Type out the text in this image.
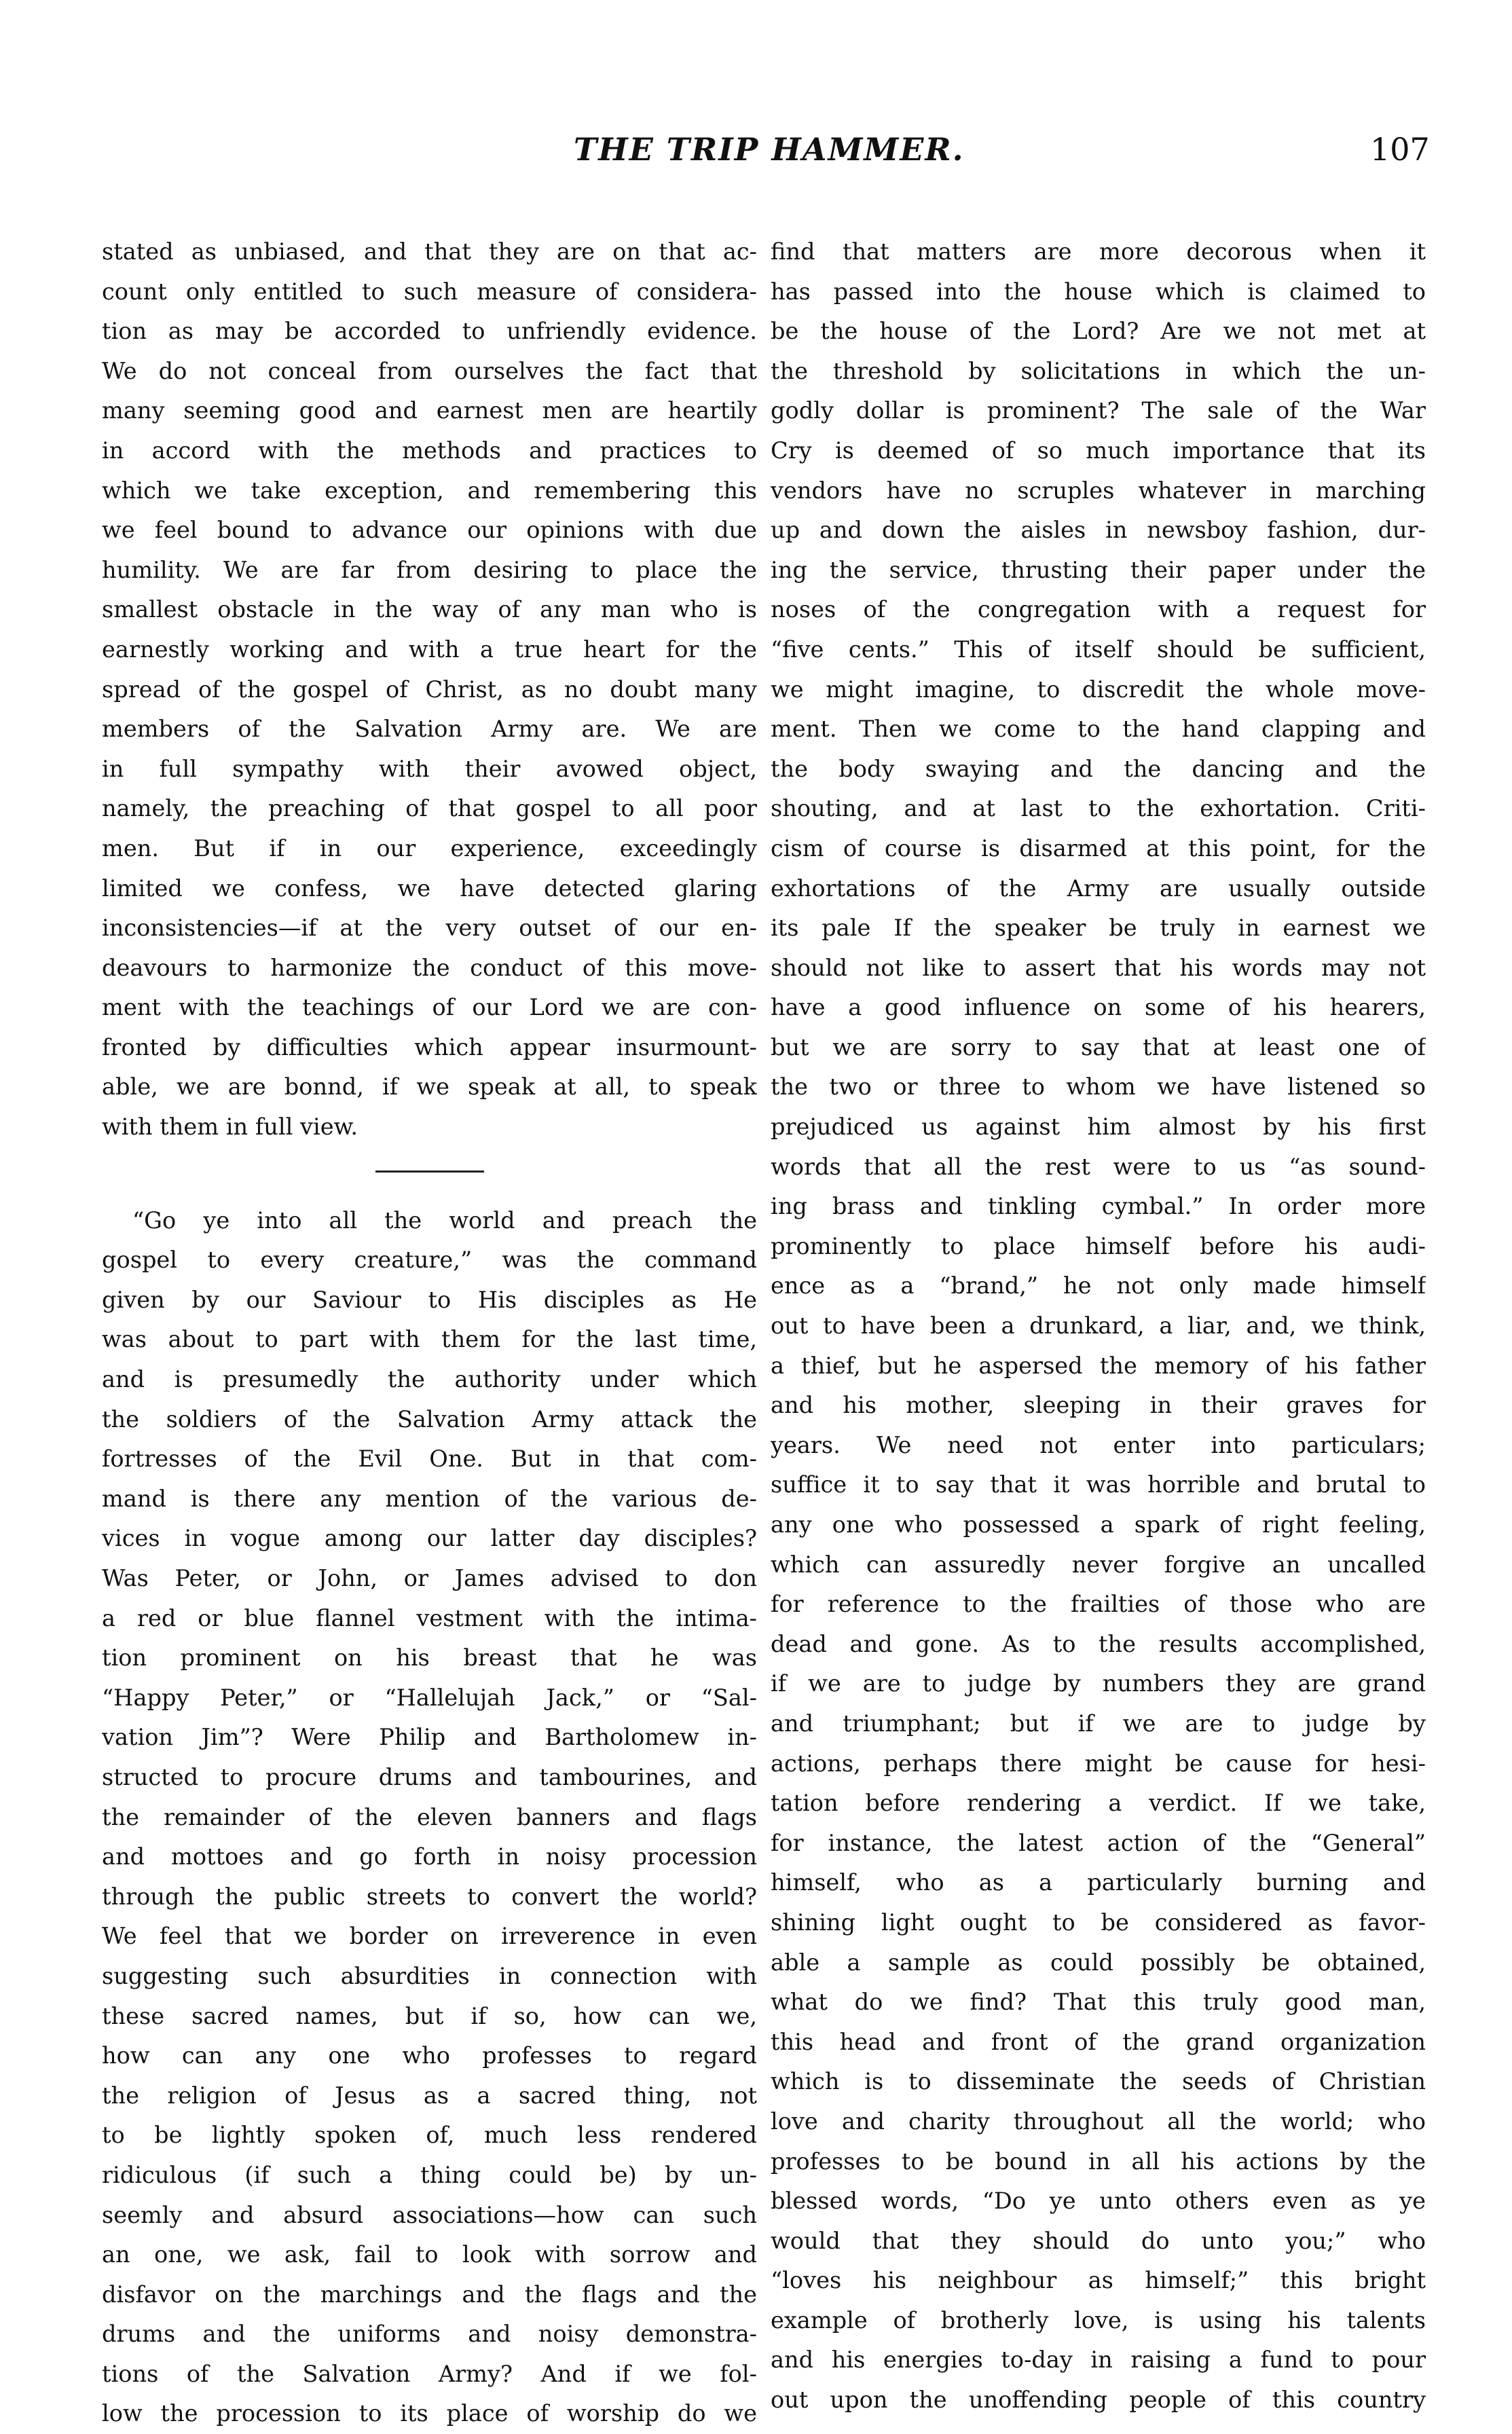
THE TRIP HAMMER.	107
stated as unbiased, and that they are on that ac-
count only entitled to such measure of considera-
tion as may be accorded to unfriendly evidence.
We do not conceal from ourselves the fact that
many seeming good and earnest men are heartily
in accord with the methods and practices to
which we take exception, and remembering this
we feel bound to advance our opinions with due
humility. We are far from desiring to place the
smallest obstacle in the way of any man who is
earnestly working and with a true heart for the
spread of the gospel of Christ, as no doubt many
members of the Salvation Army are. We are
in full sympathy with their avowed object,
namely, the preaching of that gospel to all poor
men. But if in our experience, exceedingly
limited we confess, we have detected glaring
inconsistencies—if at the very outset of our en-
deavours to harmonize the conduct of this move-
ment with the teachings of our Lord we are con-
fronted by difficulties which appear insurmount-
able, we are bonnd, if we speak at all, to speak
with them in full view.
“Go ye into all the world and preach the
gospel to every creature,” was the command
given by our Saviour to His disciples as He
was about to part with them for the last time,
and is presumedly the authority under which
the soldiers of the Salvation Army attack the
fortresses of the Evil One. But in that com-
mand is there any mention of the various de-
vices in vogue among our latter day disciples?
Was Peter, or John, or James advised to don
a red or blue flannel vestment with the intima-
tion prominent on his breast that he was
“Happy Peter,” or “Hallelujah Jack,” or “Sal-
vation Jim”? Were Philip and Bartholomew in-
structed to procure drums and tambourines, and
the remainder of the eleven banners and flags
and mottoes and go forth in noisy procession
through the public streets to convert the world?
We feel that we border on irreverence in even
suggesting such absurdities in connection with
these sacred names, but if so, how can we,
how can any one who professes to regard
the religion of Jesus as a sacred thing, not
to be lightly spoken of, much less rendered
ridiculous (if such a thing could be) by un-
seemly and absurd associations—how can such
an one, we ask, fail to look with sorrow and
disfavor on the marchings and the flags and the
drums and the uniforms and noisy demonstra-
tions of the Salvation Army? And if we fol-
low the procession to its place of worship do we
find that matters are more decorous when it
has passed into the house which is claimed to
be the house of the Lord? Are we not met at
the threshold by solicitations in which the un-
godly dollar is prominent? The sale of the War
Cry is deemed of so much importance that its
vendors have no scruples whatever in marching
up and down the aisles in newsboy fashion, dur-
ing the service, thrusting their paper under the
noses of the congregation with a request for
“five cents.” This of itself should be sufficient,
we might imagine, to discredit the whole move-
ment. Then we come to the hand clapping and
the body swaying and the dancing and the
shouting, and at last to the exhortation. Criti-
cism of course is disarmed at this point, for the
exhortations of the Army are usually outside
its pale If the speaker be truly in earnest we
should not like to assert that his words may not
have a good influence on some of his hearers,
but we are sorry to say that at least one of
the two or three to whom we have listened so
prejudiced us against him almost by his first
words that all the rest were to us “as sound-
ing brass and tinkling cymbal.” In order more
prominently to place himself before his audi-
ence as a “brand,” he not only made himself
out to have been a drunkard, a liar, and, we think,
a thief, but he aspersed the memory of his father
and his mother, sleeping in their graves for
years. We need not enter into particulars;
suffice it to say that it was horrible and brutal to
any one who possessed a spark of right feeling,
which can assuredly never forgive an uncalled
for reference to the frailties of those who are
dead and gone. As to the results accomplished,
if we are to judge by numbers they are grand
and triumphant; but if we are to judge by
actions, perhaps there might be cause for hesi-
tation before rendering a verdict. If we take,
for instance, the latest action of the “General”
himself, who as a particularly burning and
shining light ought to be considered as favor-
able a sample as could possibly be obtained,
what do we find? That this truly good man,
this head and front of the grand organization
which is to disseminate the seeds of Christian
love and charity throughout all the world; who
professes to be bound in all his actions by the
blessed words, “Do ye unto others even as ye
would that they should do unto you;” who
“loves his neighbour as himself;” this bright
example of brotherly love, is using his talents
and his energies to-day in raising a fund to pour
out upon the unoffending people of this country
